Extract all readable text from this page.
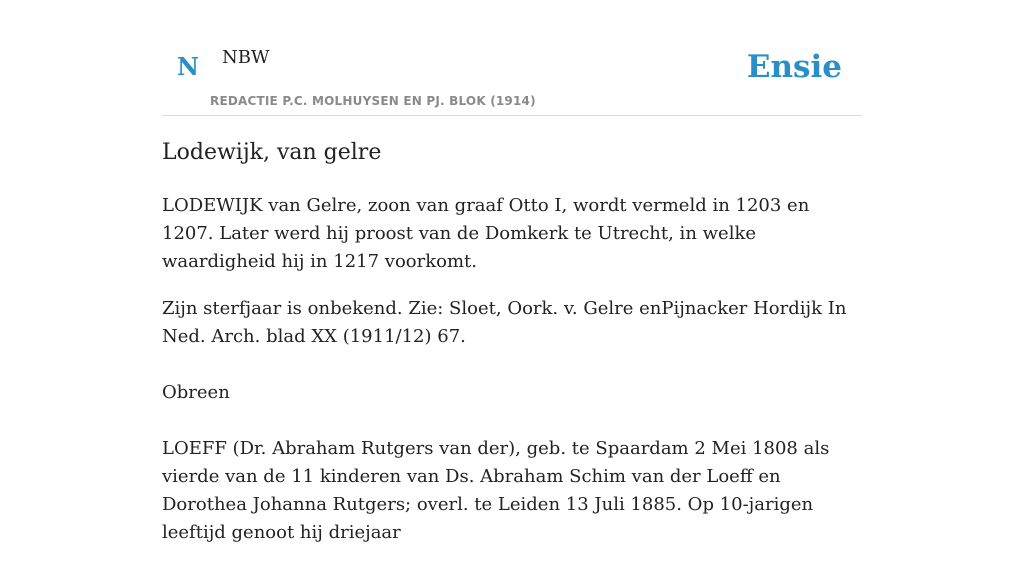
N NBW
REDACTIE P.C. MOLHUYSEN EN PJ. BLOK (1914)
Ensie
Lodewijk, van gelre

LODEWIJK van Gelre, zoon van graaf Otto I, wordt vermeld in 1203 en 1207. Later werd hij proost van de Domkerk te Utrecht, in welke waardigheid hij in 1217 voorkomt.

Zijn sterfjaar is onbekend. Zie: Sloet, Oork. v. Gelre enPijnacker Hordijk In Ned. Arch. blad XX (1911/12) 67.

Obreen

LOEFF (Dr. Abraham Rutgers van der), geb. te Spaardam 2 Mei 1808 als vierde van de 11 kinderen van Ds. Abraham Schim van der Loeff en Dorothea Johanna Rutgers; overl. te Leiden 13 Juli 1885. Op 10-jarigen leeftijd genoot hij driejaar
